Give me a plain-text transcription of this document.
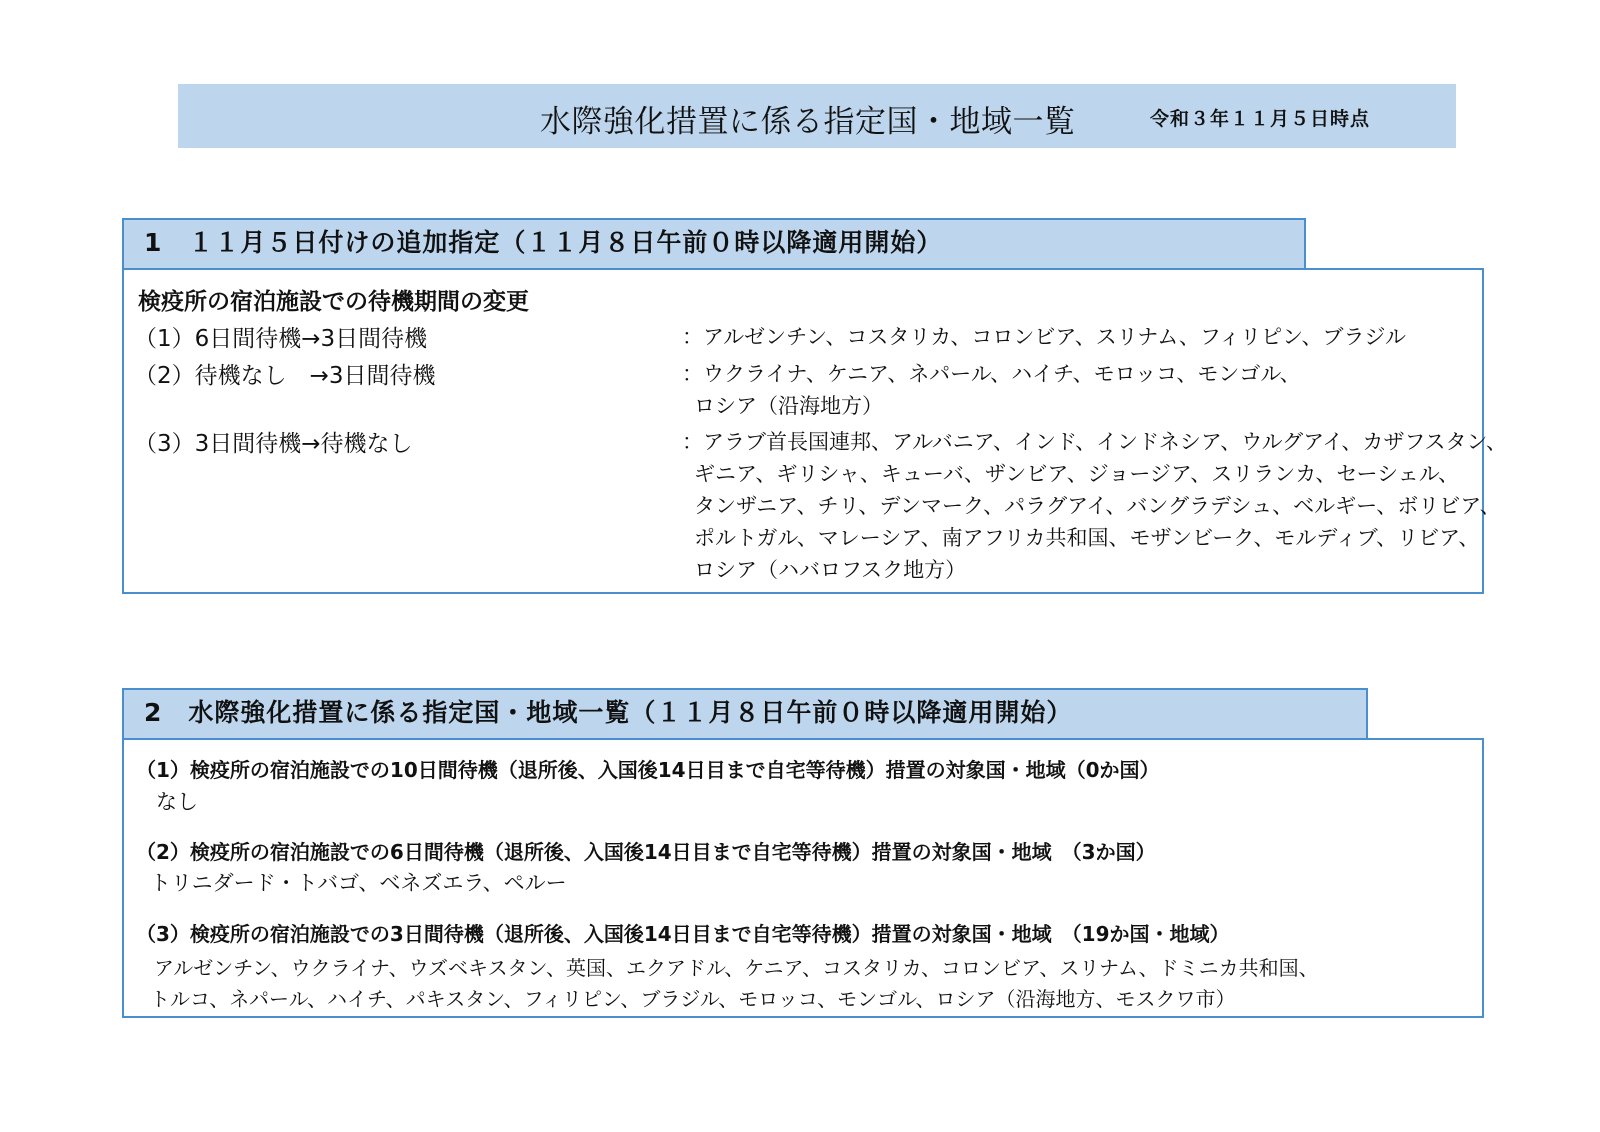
水際強化措置に係る指定国・地域一覧	令和３年１１月５日時点
1　１１月５日付けの追加指定（１１月８日午前０時以降適用開始）
検疫所の宿泊施設での待機期間の変更
（1）6日間待機→3日間待機	：アルゼンチン、コスタリカ、コロンビア、スリナム、フィリピン、ブラジル
（2）待機なし　→3日間待機	：ウクライナ、ケニア、ネパール、ハイチ、モロッコ、モンゴル、
ロシア（沿海地方）
（3）3日間待機→待機なし	：アラブ首長国連邦、アルバニア、インド、インドネシア、ウルグアイ、カザフスタン、
ギニア、ギリシャ、キューバ、ザンビア、ジョージア、スリランカ、セーシェル、
タンザニア、チリ、デンマーク、パラグアイ、バングラデシュ、ベルギー、ボリビア、
ポルトガル、マレーシア、南アフリカ共和国、モザンビーク、モルディブ、リビア、
ロシア（ハバロフスク地方）
2　水際強化措置に係る指定国・地域一覧（１１月８日午前０時以降適用開始）
（1）検疫所の宿泊施設での10日間待機（退所後、入国後14日目まで自宅等待機）措置の対象国・地域（0か国）
なし
（2）検疫所の宿泊施設での6日間待機（退所後、入国後14日目まで自宅等待機）措置の対象国・地域　（3か国）
トリニダード・トバゴ、ベネズエラ、ペルー
（3）検疫所の宿泊施設での3日間待機（退所後、入国後14日目まで自宅等待機）措置の対象国・地域　（19か国・地域）
アルゼンチン、ウクライナ、ウズベキスタン、英国、エクアドル、ケニア、コスタリカ、コロンビア、スリナム、ドミニカ共和国、
トルコ、ネパール、ハイチ、パキスタン、フィリピン、ブラジル、モロッコ、モンゴル、ロシア（沿海地方、モスクワ市）
